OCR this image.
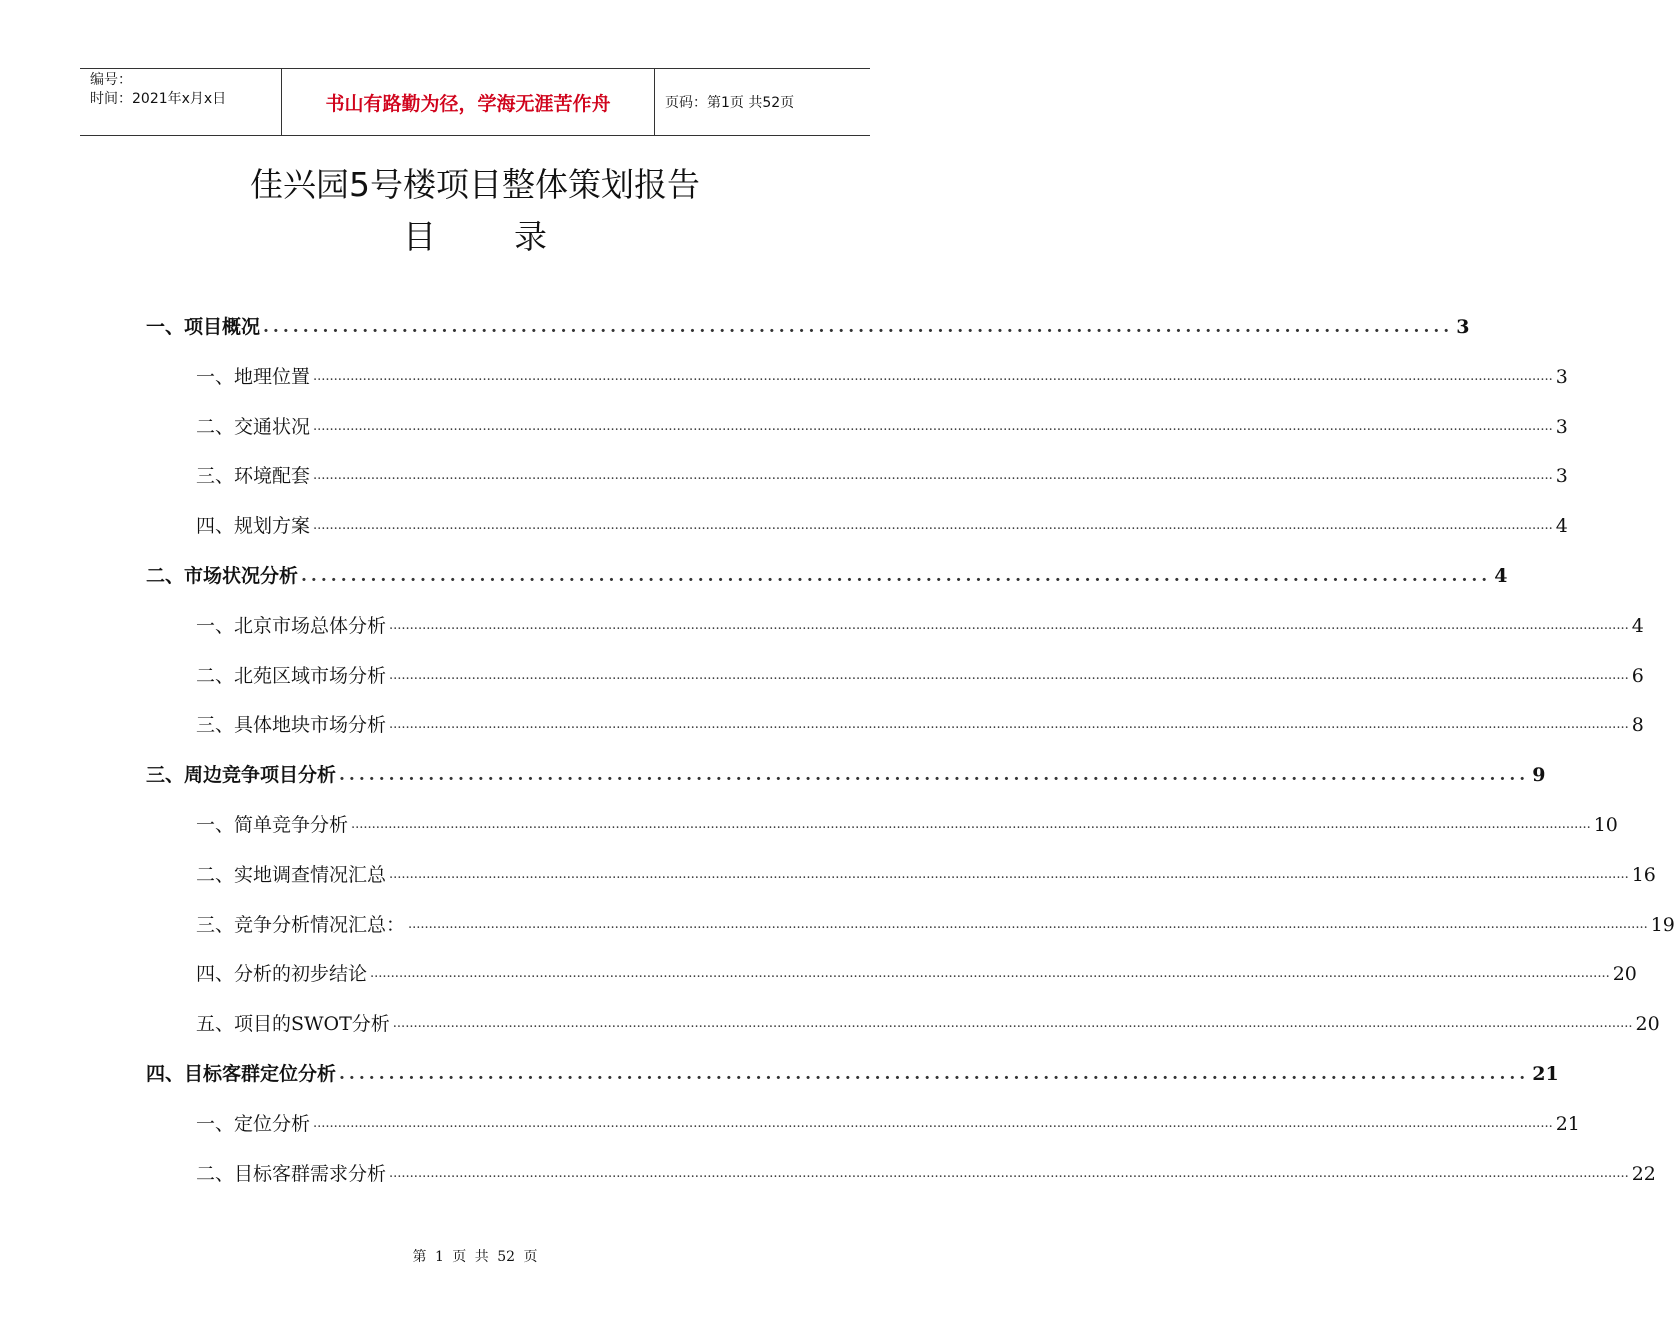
编号：
时间：2021年x月x日	书山有路勤为径，学海无涯苦作舟	页码：第1页 共52页
佳兴园5号楼项目整体策划报告
目录
一、项目概况 ........................................................................................................................ 3
一、地理位置 ............................................................................................................................................................................................................................................................................................................ 3
二、交通状况 ............................................................................................................................................................................................................................................................................................................ 3
三、环境配套 ............................................................................................................................................................................................................................................................................................................ 3
四、规划方案 ............................................................................................................................................................................................................................................................................................................ 4
二、市场状况分析 ........................................................................................................................ 4
一、北京市场总体分析 ............................................................................................................................................................................................................................................................................................................ 4
二、北苑区域市场分析 ............................................................................................................................................................................................................................................................................................................ 6
三、具体地块市场分析 ............................................................................................................................................................................................................................................................................................................ 8
三、周边竞争项目分析 ........................................................................................................................ 9
一、简单竞争分析 ............................................................................................................................................................................................................................................................................................................ 10
二、实地调查情况汇总 ............................................................................................................................................................................................................................................................................................................ 16
三、竞争分析情况汇总： ............................................................................................................................................................................................................................................................................................................ 19
四、分析的初步结论 ............................................................................................................................................................................................................................................................................................................ 20
五、项目的SWOT分析 ............................................................................................................................................................................................................................................................................................................ 20
四、目标客群定位分析 ........................................................................................................................ 21
一、定位分析 ............................................................................................................................................................................................................................................................................................................ 21
二、目标客群需求分析 ............................................................................................................................................................................................................................................................................................................ 22
第 1 页 共 52 页
